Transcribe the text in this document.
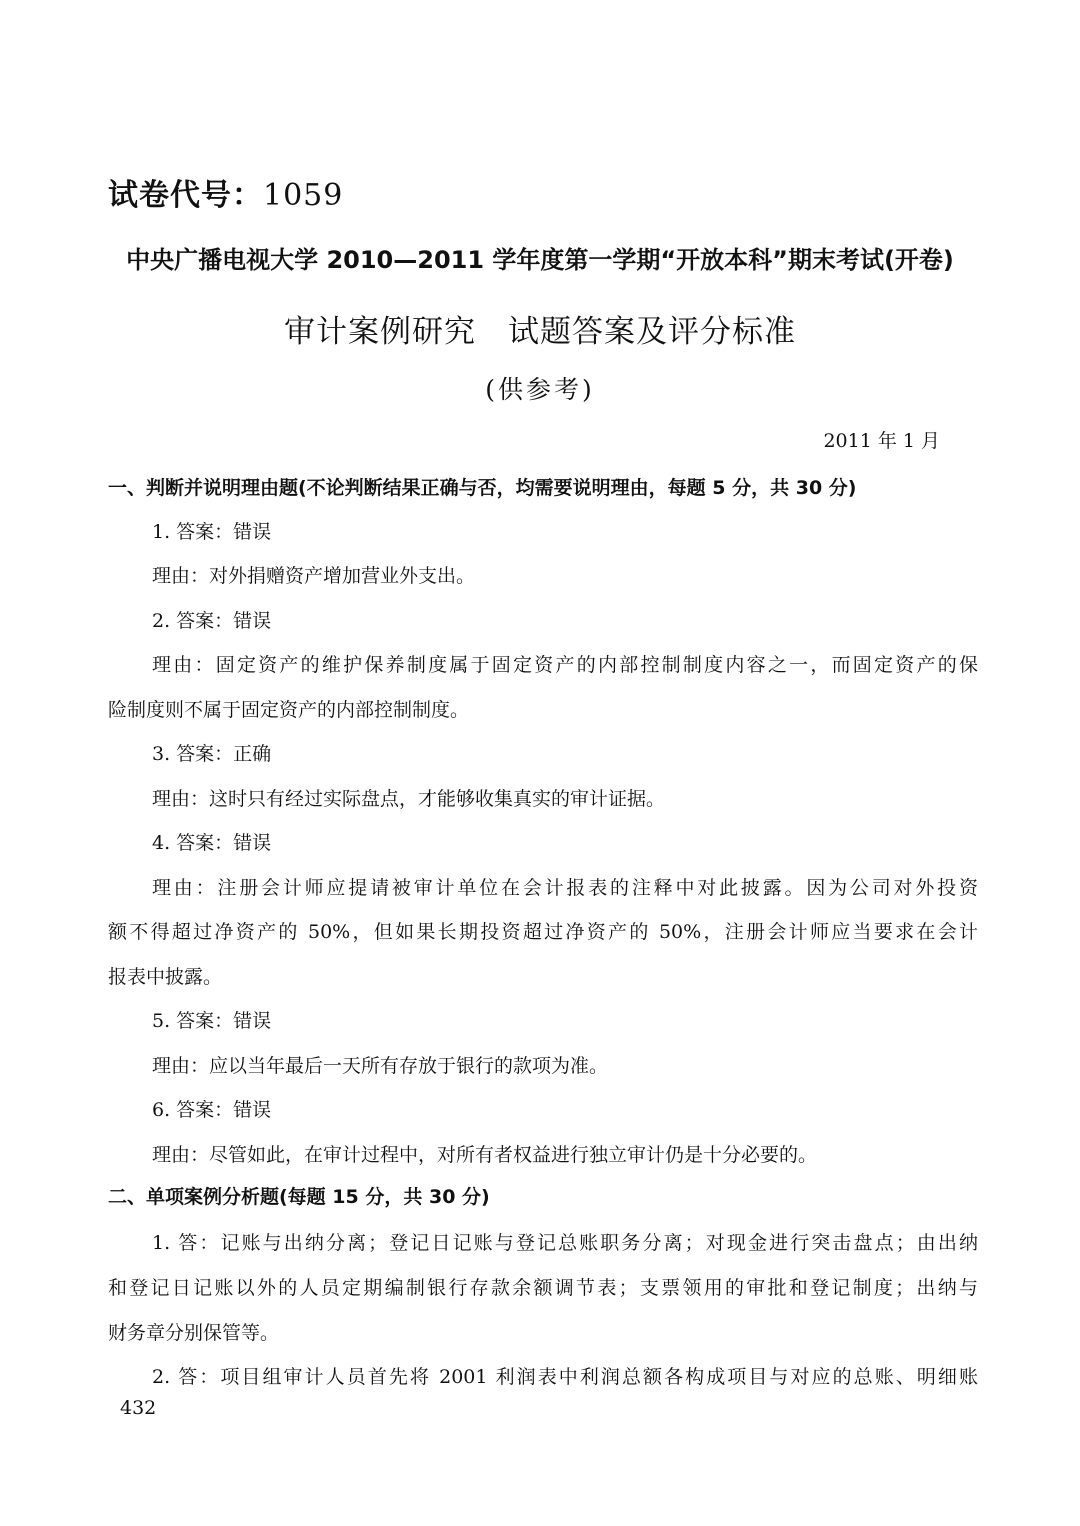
试卷代号：1059
中央广播电视大学 2010—2011 学年度第一学期“开放本科”期末考试(开卷)
审计案例研究　试题答案及评分标准
(供参考)
2011 年 1 月
一、判断并说明理由题(不论判断结果正确与否，均需要说明理由，每题 5 分，共 30 分)
1. 答案：错误
理由：对外捐赠资产增加营业外支出。
2. 答案：错误
理由：固定资产的维护保养制度属于固定资产的内部控制制度内容之一，而固定资产的保
险制度则不属于固定资产的内部控制制度。
3. 答案：正确
理由：这时只有经过实际盘点，才能够收集真实的审计证据。
4. 答案：错误
理由：注册会计师应提请被审计单位在会计报表的注释中对此披露。因为公司对外投资
额不得超过净资产的 50%，但如果长期投资超过净资产的 50%，注册会计师应当要求在会计
报表中披露。
5. 答案：错误
理由：应以当年最后一天所有存放于银行的款项为准。
6. 答案：错误
理由：尽管如此，在审计过程中，对所有者权益进行独立审计仍是十分必要的。
二、单项案例分析题(每题 15 分，共 30 分)
1. 答：记账与出纳分离；登记日记账与登记总账职务分离；对现金进行突击盘点；由出纳
和登记日记账以外的人员定期编制银行存款余额调节表；支票领用的审批和登记制度；出纳与
财务章分别保管等。
2. 答：项目组审计人员首先将 2001 利润表中利润总额各构成项目与对应的总账、明细账
432
